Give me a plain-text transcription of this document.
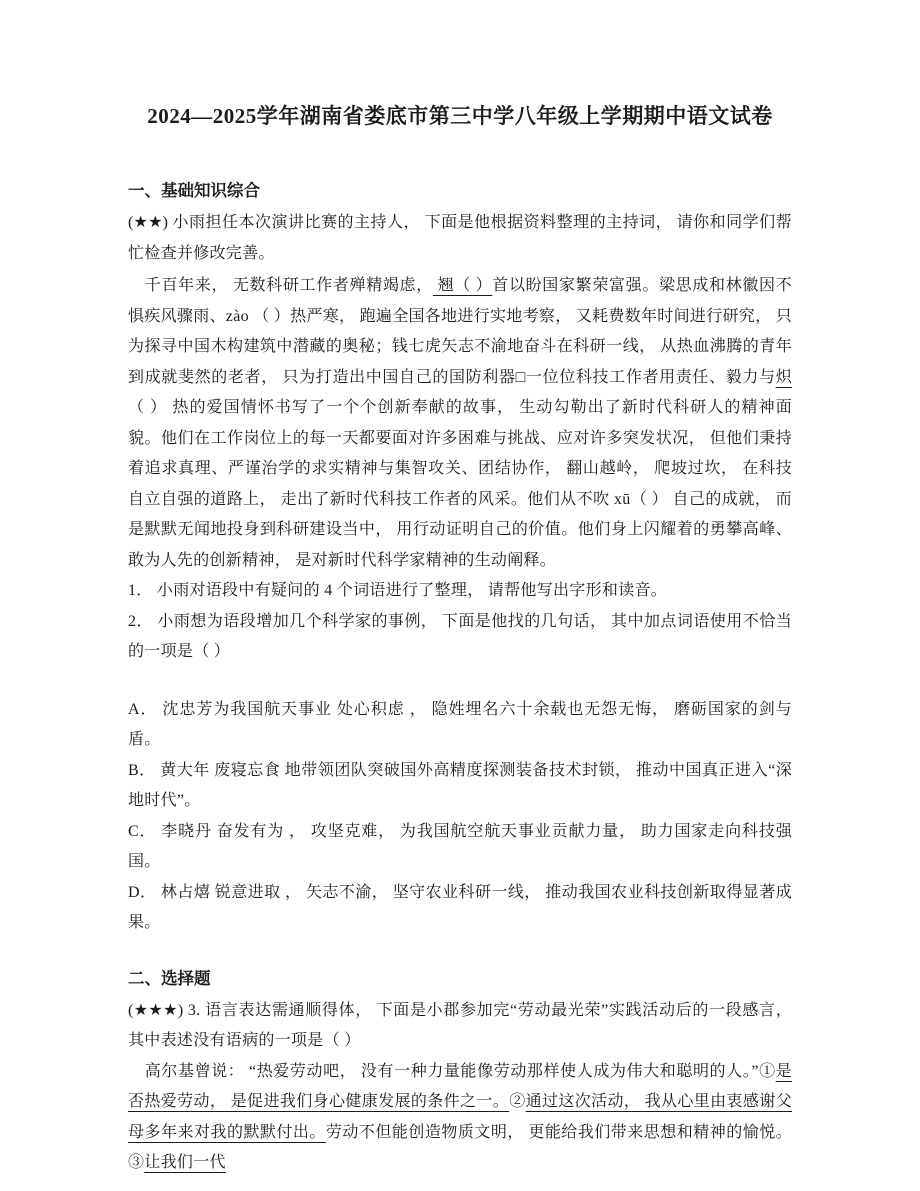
2024—2025学年湖南省娄底市第三中学八年级上学期期中语文试卷
一、基础知识综合

(★★) 小雨担任本次演讲比赛的主持人， 下面是他根据资料整理的主持词， 请你和同学们帮忙检查并修改完善。

千百年来， 无数科研工作者殚精竭虑， 翘（ ）首以盼国家繁荣富强。梁思成和林徽因不惧疾风骤雨、zào （ ）热严寒， 跑遍全国各地进行实地考察， 又耗费数年时间进行研究， 只为探寻中国木构建筑中潜藏的奥秘；钱七虎矢志不渝地奋斗在科研一线， 从热血沸腾的青年到成就斐然的老者， 只为打造出中国自己的国防利器□一位位科技工作者用责任、毅力与炽（ ） 热的爱国情怀书写了一个个创新奉献的故事， 生动勾勒出了新时代科研人的精神面貌。他们在工作岗位上的每一天都要面对许多困难与挑战、应对许多突发状况， 但他们秉持着追求真理、严谨治学的求实精神与集智攻关、团结协作， 翻山越岭， 爬坡过坎， 在科技自立自强的道路上， 走出了新时代科技工作者的风采。他们从不吹 xū（ ） 自己的成就， 而是默默无闻地投身到科研建设当中， 用行动证明自己的价值。他们身上闪耀着的勇攀高峰、敢为人先的创新精神， 是对新时代科学家精神的生动阐释。

1． 小雨对语段中有疑问的 4 个词语进行了整理， 请帮他写出字形和读音。

2． 小雨想为语段增加几个科学家的事例， 下面是他找的几句话， 其中加点词语使用不恰当的一项是（ ）

A． 沈忠芳为我国航天事业 处心积虑 ， 隐姓埋名六十余载也无怨无悔， 磨砺国家的剑与盾。

B． 黄大年 废寝忘食 地带领团队突破国外高精度探测装备技术封锁， 推动中国真正进入“深地时代”。

C． 李晓丹 奋发有为 ， 攻坚克难， 为我国航空航天事业贡献力量， 助力国家走向科技强国。

D． 林占熺 锐意进取 ， 矢志不渝， 坚守农业科研一线， 推动我国农业科技创新取得显著成果。

二、选择题

(★★★) 3. 语言表达需通顺得体， 下面是小郡参加完“劳动最光荣”实践活动后的一段感言， 其中表述没有语病的一项是（ ）

高尔基曾说： “热爱劳动吧， 没有一种力量能像劳动那样使人成为伟大和聪明的人。”①是否热爱劳动， 是促进我们身心健康发展的条件之一。②通过这次活动， 我从心里由衷感谢父母多年来对我的默默付出。劳动不但能创造物质文明， 更能给我们带来思想和精神的愉悦。③让我们一代
